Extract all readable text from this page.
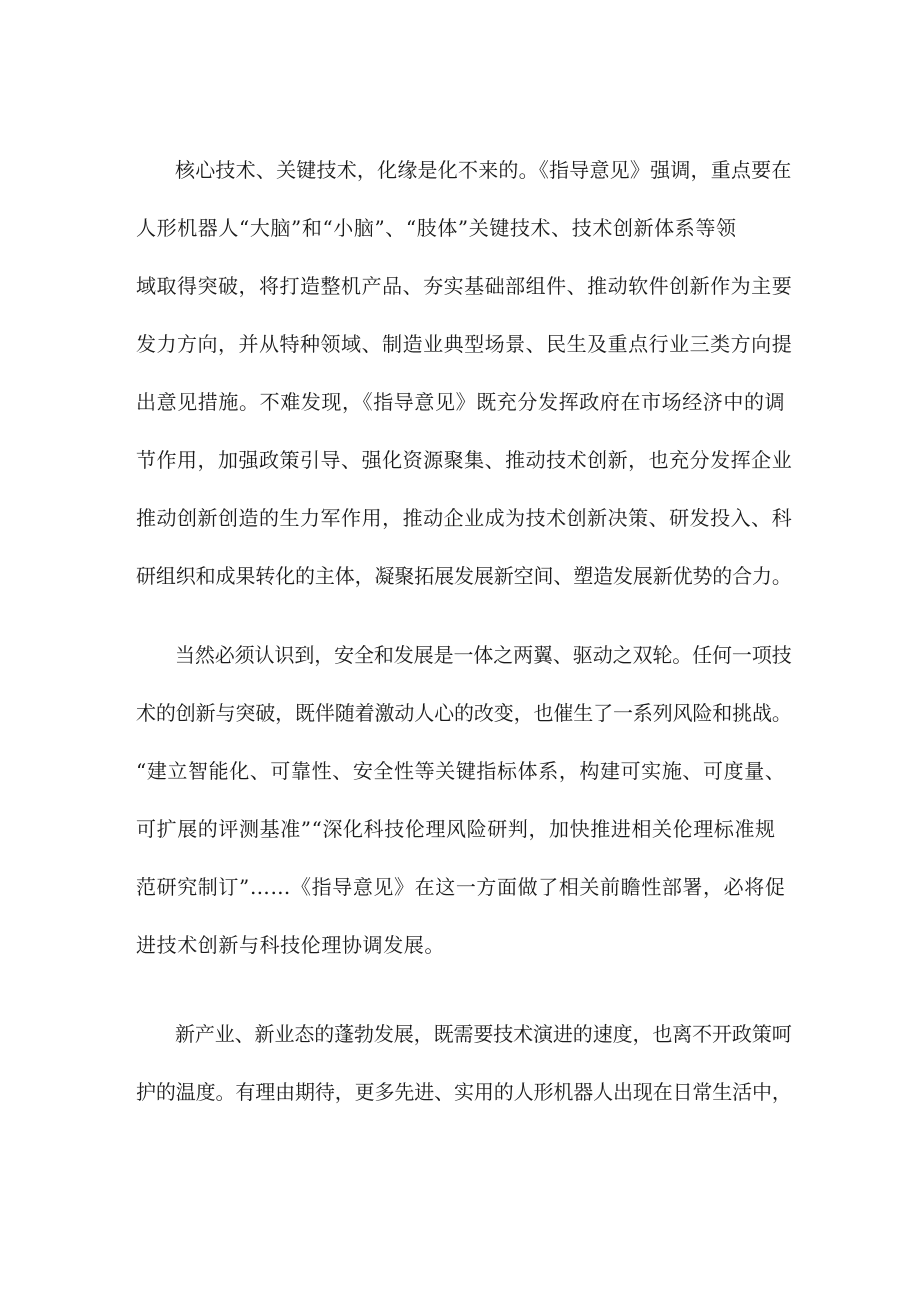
核心技术、关键技术，化缘是化不来的。《指导意见》强调，重点要在
人形机器人“大脑”和“小脑”、“肢体”关键技术、技术创新体系等领
域取得突破，将打造整机产品、夯实基础部组件、推动软件创新作为主要
发力方向，并从特种领域、制造业典型场景、民生及重点行业三类方向提
出意见措施。不难发现，《指导意见》既充分发挥政府在市场经济中的调
节作用，加强政策引导、强化资源聚集、推动技术创新，也充分发挥企业
推动创新创造的生力军作用，推动企业成为技术创新决策、研发投入、科
研组织和成果转化的主体，凝聚拓展发展新空间、塑造发展新优势的合力。
当然必须认识到，安全和发展是一体之两翼、驱动之双轮。任何一项技
术的创新与突破，既伴随着激动人心的改变，也催生了一系列风险和挑战。
“建立智能化、可靠性、安全性等关键指标体系，构建可实施、可度量、
可扩展的评测基准”“深化科技伦理风险研判，加快推进相关伦理标准规
范研究制订”……《指导意见》在这一方面做了相关前瞻性部署，必将促
进技术创新与科技伦理协调发展。
新产业、新业态的蓬勃发展，既需要技术演进的速度，也离不开政策呵
护的温度。有理由期待，更多先进、实用的人形机器人出现在日常生活中，
